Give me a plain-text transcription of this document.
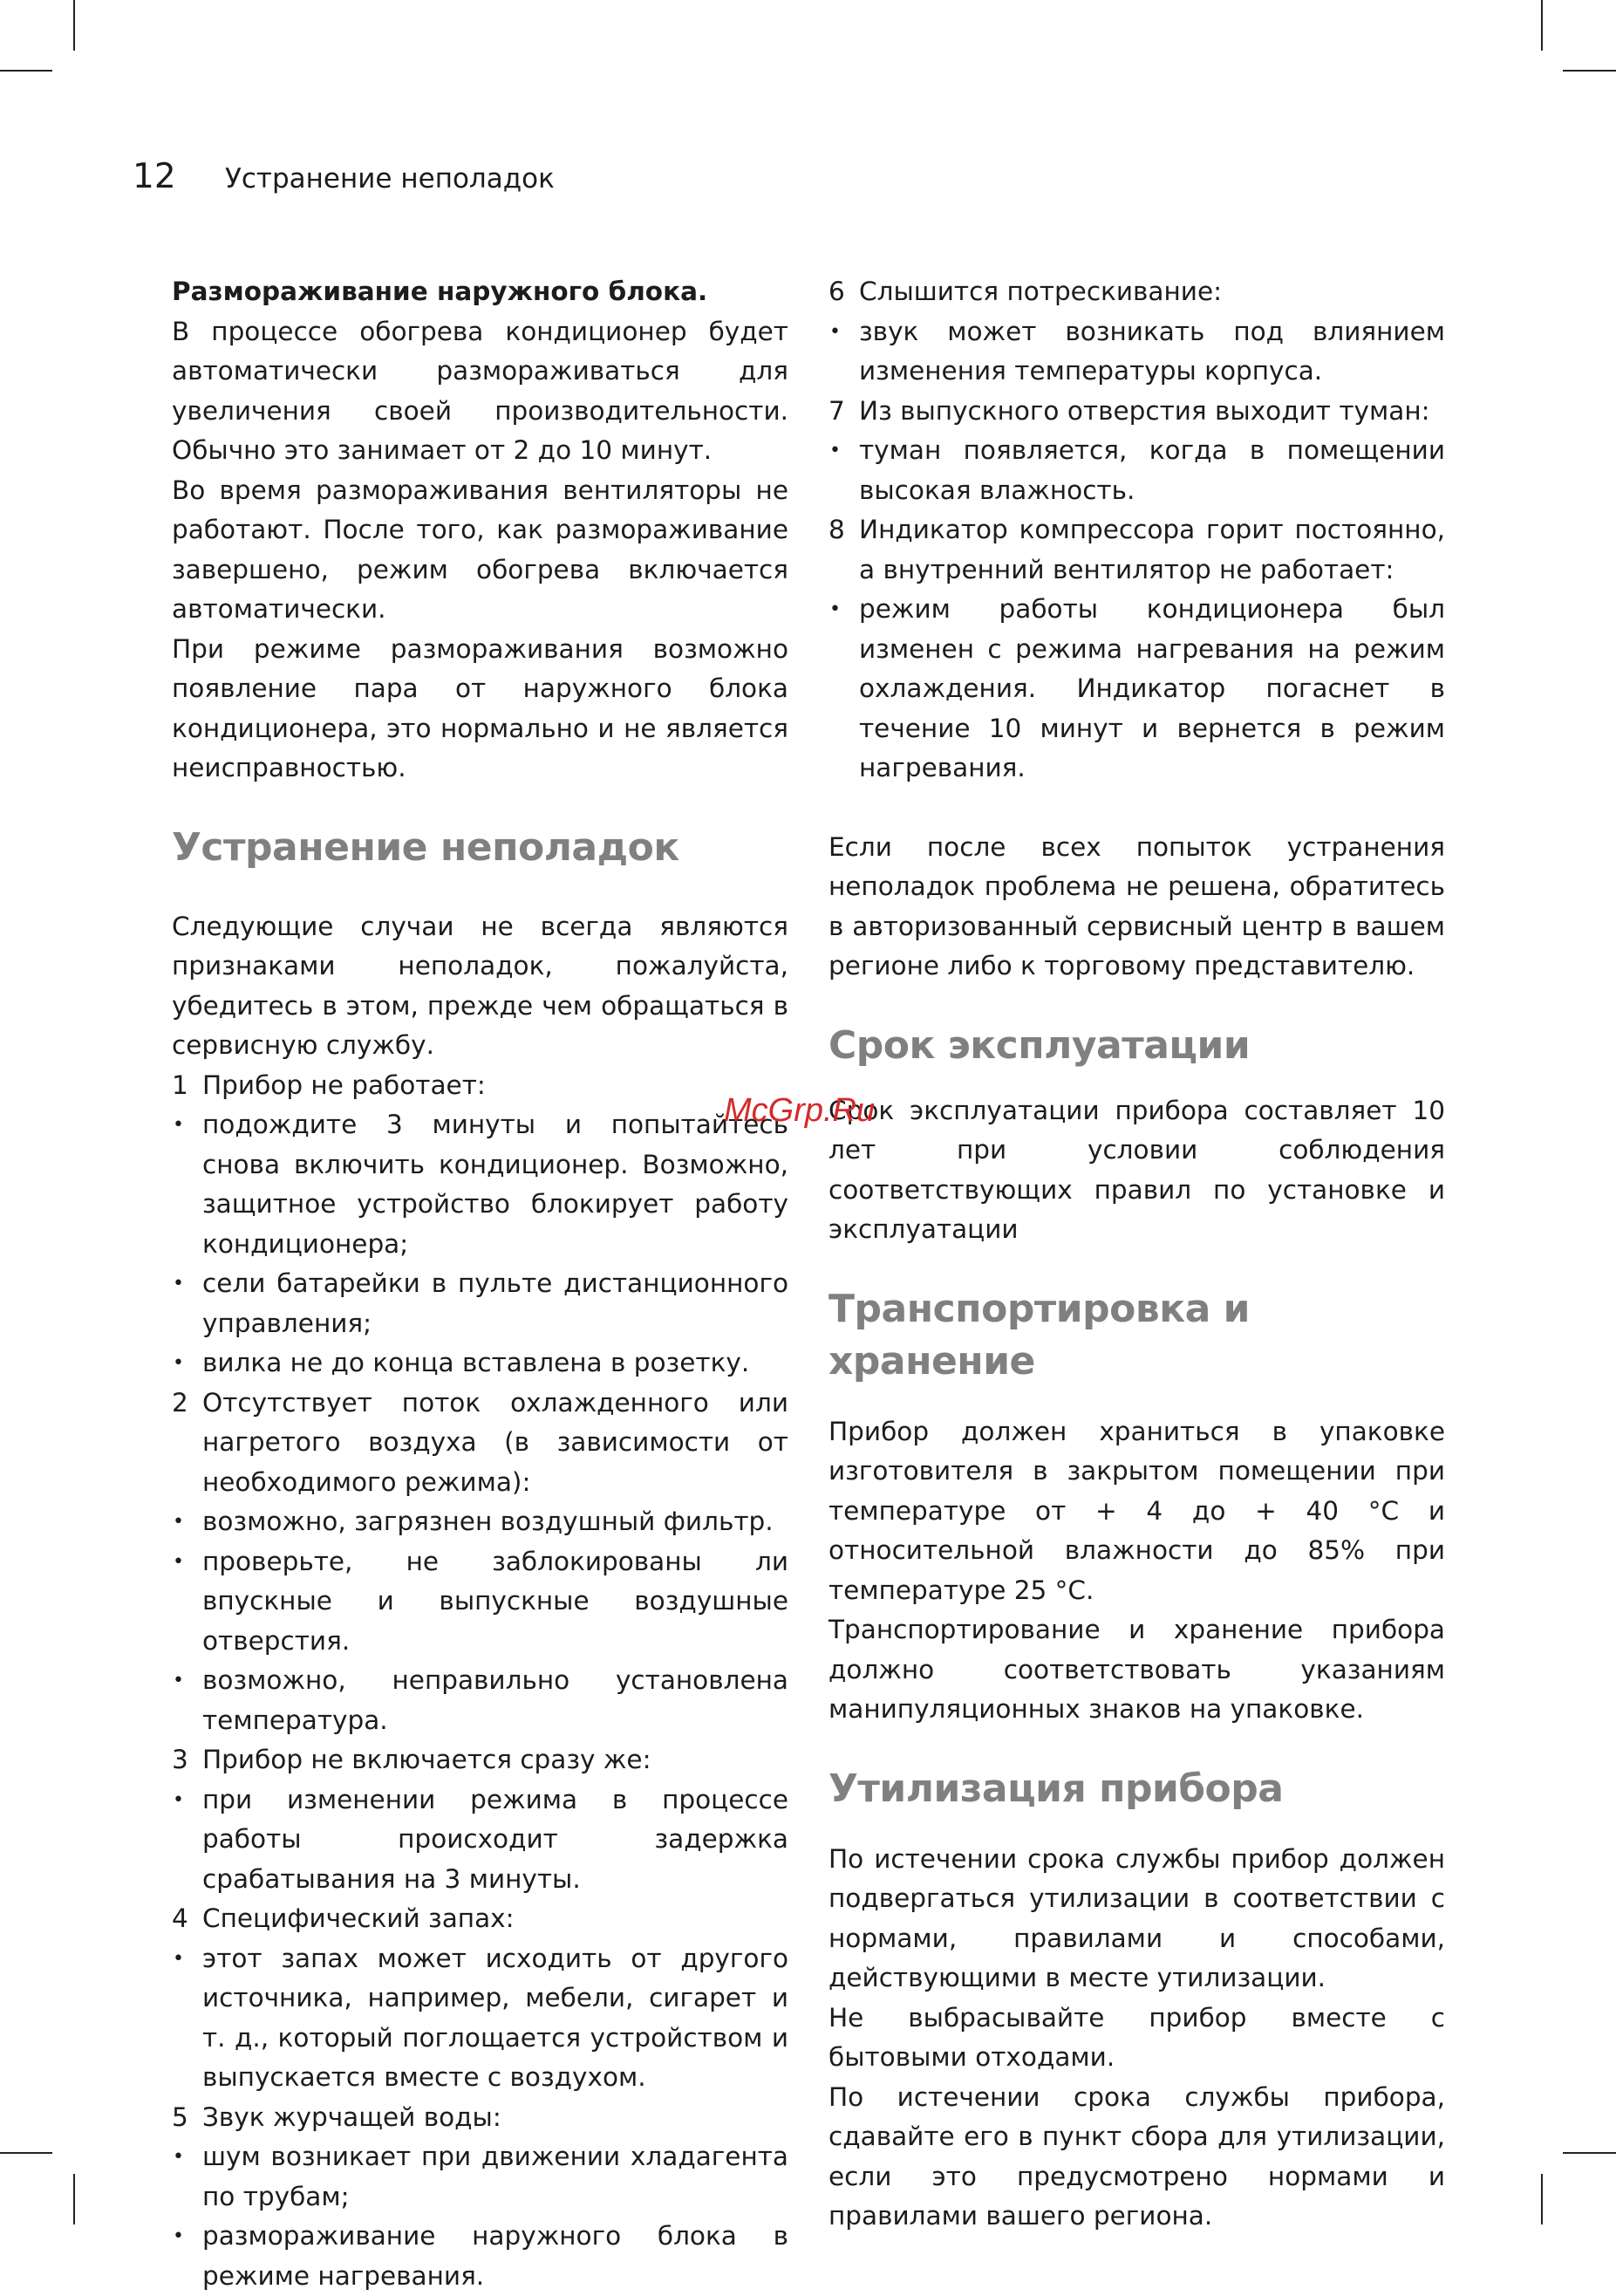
12	Устранение неполадок

Размораживание наружного блока.

В процессе обогрева кондиционер будет автоматически размораживаться для увеличения своей производительности. Обычно это занимает от 2 до 10 минут.

Во время размораживания вентиляторы не работают. После того, как размораживание завершено, режим обогрева включается автоматически.

При режиме размораживания возможно появление пара от наружного блока кондиционера, это нормально и не является неисправностью.

Устранение неполадок

Следующие случаи не всегда являются признаками неполадок, пожалуйста, убедитесь в этом, прежде чем обращаться в сервисную службу.

1 Прибор не работает:
• подождите 3 минуты и попытайтесь снова включить кондиционер. Возможно, защитное устройство блокирует работу кондиционера;
• сели батарейки в пульте дистанционного управления;
• вилка не до конца вставлена в розетку.
2 Отсутствует поток охлажденного или нагретого воздуха (в зависимости от необходимого режима):
• возможно, загрязнен воздушный фильтр.
• проверьте, не заблокированы ли впускные и выпускные воздушные отверстия.
• возможно, неправильно установлена температура.
3 Прибор не включается сразу же:
• при изменении режима в процессе работы происходит задержка срабатывания на 3 минуты.
4 Специфический запах:
• этот запах может исходить от другого источника, например, мебели, сигарет и т. д., который поглощается устройством и выпускается вместе с воздухом.
5 Звук журчащей воды:
• шум возникает при движении хладагента по трубам;
• размораживание наружного блока в режиме нагревания.
6 Слышится потрескивание:
• звук может возникать под влиянием изменения температуры корпуса.
7 Из выпускного отверстия выходит туман:
• туман появляется, когда в помещении высокая влажность.
8 Индикатор компрессора горит постоянно, а внутренний вентилятор не работает:
• режим работы кондиционера был изменен с режима нагревания на режим охлаждения. Индикатор погаснет в течение 10 минут и вернется в режим нагревания.

Если после всех попыток устранения неполадок проблема не решена, обратитесь в авторизованный сервисный центр в вашем регионе либо к торговому представителю.

Срок эксплуатации

Срок эксплуатации прибора составляет 10 лет при условии соблюдения соответствующих правил по установке и эксплуатации

Транспортировка и хранение

Прибор должен храниться в упаковке изготовителя в закрытом помещении при температуре от + 4 до + 40 °C и относительной влажности до 85% при температуре 25 °C.

Транспортирование и хранение прибора должно соответствовать указаниям манипуляционных знаков на упаковке.

Утилизация прибора

По истечении срока службы прибор должен подвергаться утилизации в соответствии с нормами, правилами и способами, действующими в месте утилизации.

Не выбрасывайте прибор вместе с бытовыми отходами.

По истечении срока службы прибора, сдавайте его в пункт сбора для утилизации, если это предусмотрено нормами и правилами вашего региона.

McGrp.Ru
